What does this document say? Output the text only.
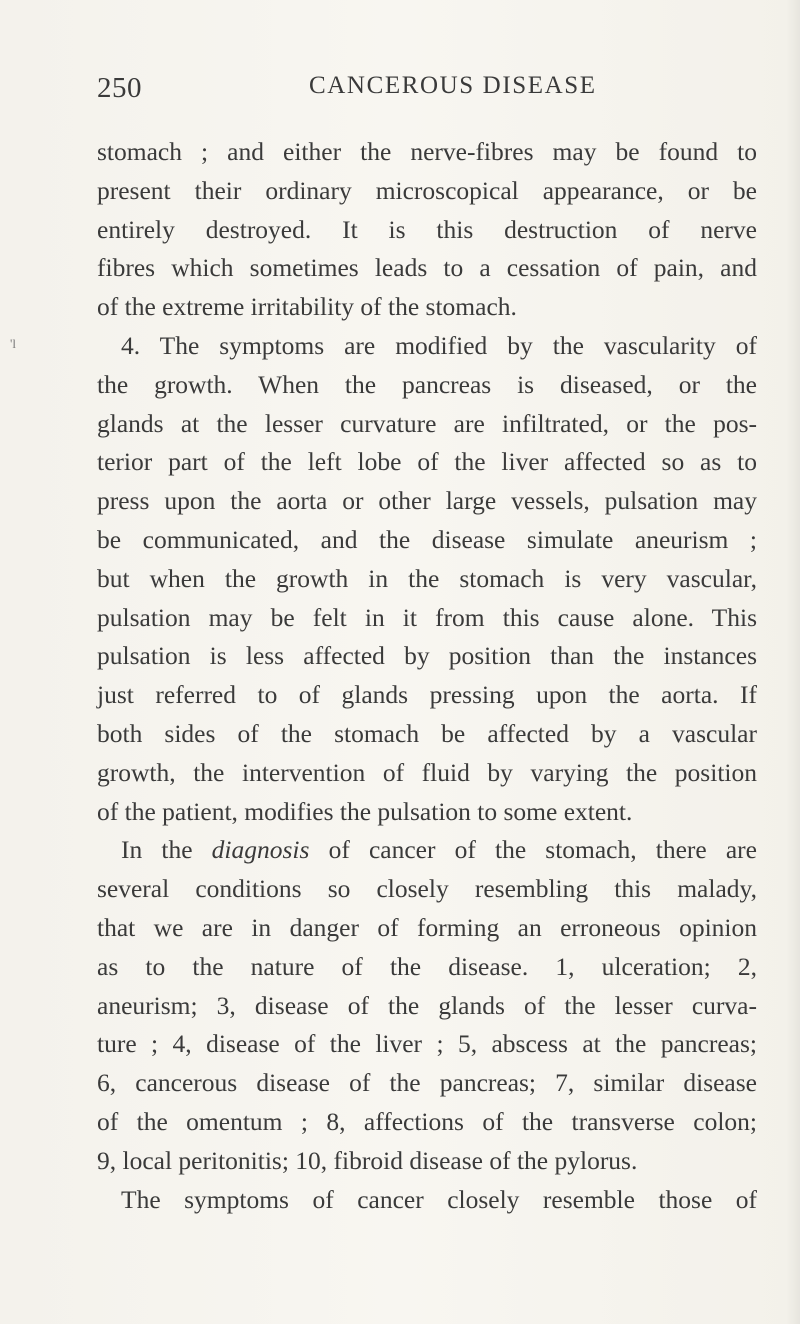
'l
250	CANCEROUS DISEASE
stomach ; and either the nerve-fibres may be found to
present their ordinary microscopical appearance, or be
entirely destroyed. It is this destruction of nerve
fibres which sometimes leads to a cessation of pain, and
of the extreme irritability of the stomach.
4. The symptoms are modified by the vascularity of
the growth. When the pancreas is diseased, or the
glands at the lesser curvature are infiltrated, or the pos-
terior part of the left lobe of the liver affected so as to
press upon the aorta or other large vessels, pulsation may
be communicated, and the disease simulate aneurism ;
but when the growth in the stomach is very vascular,
pulsation may be felt in it from this cause alone. This
pulsation is less affected by position than the instances
just referred to of glands pressing upon the aorta. If
both sides of the stomach be affected by a vascular
growth, the intervention of fluid by varying the position
of the patient, modifies the pulsation to some extent.
In the diagnosis of cancer of the stomach, there are
several conditions so closely resembling this malady,
that we are in danger of forming an erroneous opinion
as to the nature of the disease. 1, ulceration; 2,
aneurism; 3, disease of the glands of the lesser curva-
ture ; 4, disease of the liver ; 5, abscess at the pancreas;
6, cancerous disease of the pancreas; 7, similar disease
of the omentum ; 8, affections of the transverse colon;
9, local peritonitis; 10, fibroid disease of the pylorus.
The symptoms of cancer closely resemble those of
